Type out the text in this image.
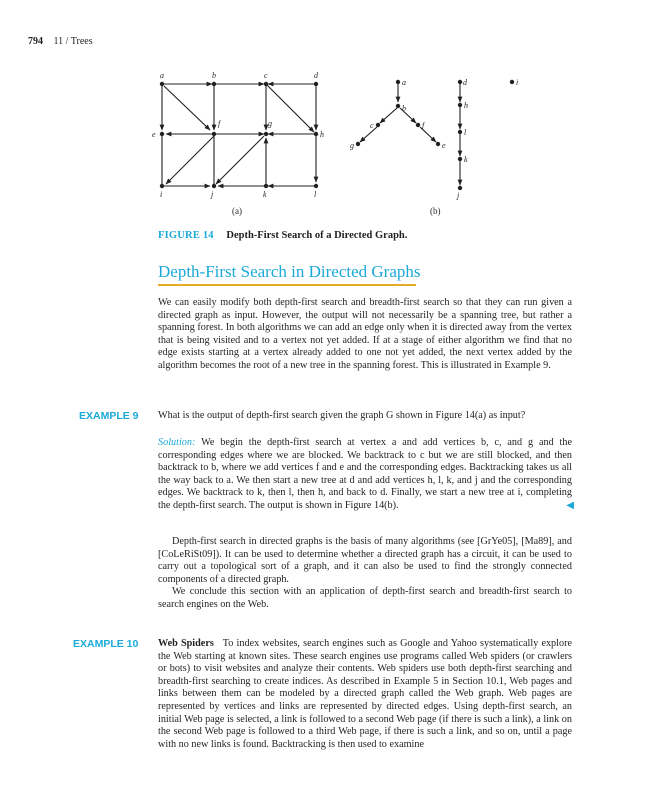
794 11 / Trees
a	b	c	d
e
f	g
h
i	j	k	l
(a)
a
b
c
d
e
f
g
h
i
j
k
l
(b)
FIGURE 14 Depth-First Search of a Directed Graph.
Depth-First Search in Directed Graphs

We can easily modify both depth-first search and breadth-first search so that they can run given a directed graph as input. However, the output will not necessarily be a spanning tree, but rather a spanning forest. In both algorithms we can add an edge only when it is directed away from the vertex that is being visited and to a vertex not yet added. If at a stage of either algorithm we find that no edge exists starting at a vertex already added to one not yet added, the next vertex added by the algorithm becomes the root of a new tree in the spanning forest. This is illustrated in Example 9.

EXAMPLE 9 What is the output of depth-first search given the graph G shown in Figure 14(a) as input?

Solution: We begin the depth-first search at vertex a and add vertices b, c, and g and the corresponding edges where we are blocked. We backtrack to c but we are still blocked, and then backtrack to b, where we add vertices f and e and the corresponding edges. Backtracking takes us all the way back to a. We then start a new tree at d and add vertices h, l, k, and j and the corresponding edges. We backtrack to k, then l, then h, and back to d. Finally, we start a new tree at i, completing the depth-first search. The output is shown in Figure 14(b).	◀

Depth-first search in directed graphs is the basis of many algorithms (see [GrYe05], [Ma89], and [CoLeRiSt09]). It can be used to determine whether a directed graph has a circuit, it can be used to carry out a topological sort of a graph, and it can also be used to find the strongly connected components of a directed graph.

We conclude this section with an application of depth-first search and breadth-first search to search engines on the Web.

EXAMPLE 10 Web Spiders To index websites, search engines such as Google and Yahoo systematically explore the Web starting at known sites. These search engines use programs called Web spiders (or crawlers or bots) to visit websites and analyze their contents. Web spiders use both depth-first searching and breadth-first searching to create indices. As described in Example 5 in Section 10.1, Web pages and links between them can be modeled by a directed graph called the Web graph. Web pages are represented by vertices and links are represented by directed edges. Using depth-first search, an initial Web page is selected, a link is followed to a second Web page (if there is such a link), a link on the second Web page is followed to a third Web page, if there is such a link, and so on, until a page with no new links is found. Backtracking is then used to examine
